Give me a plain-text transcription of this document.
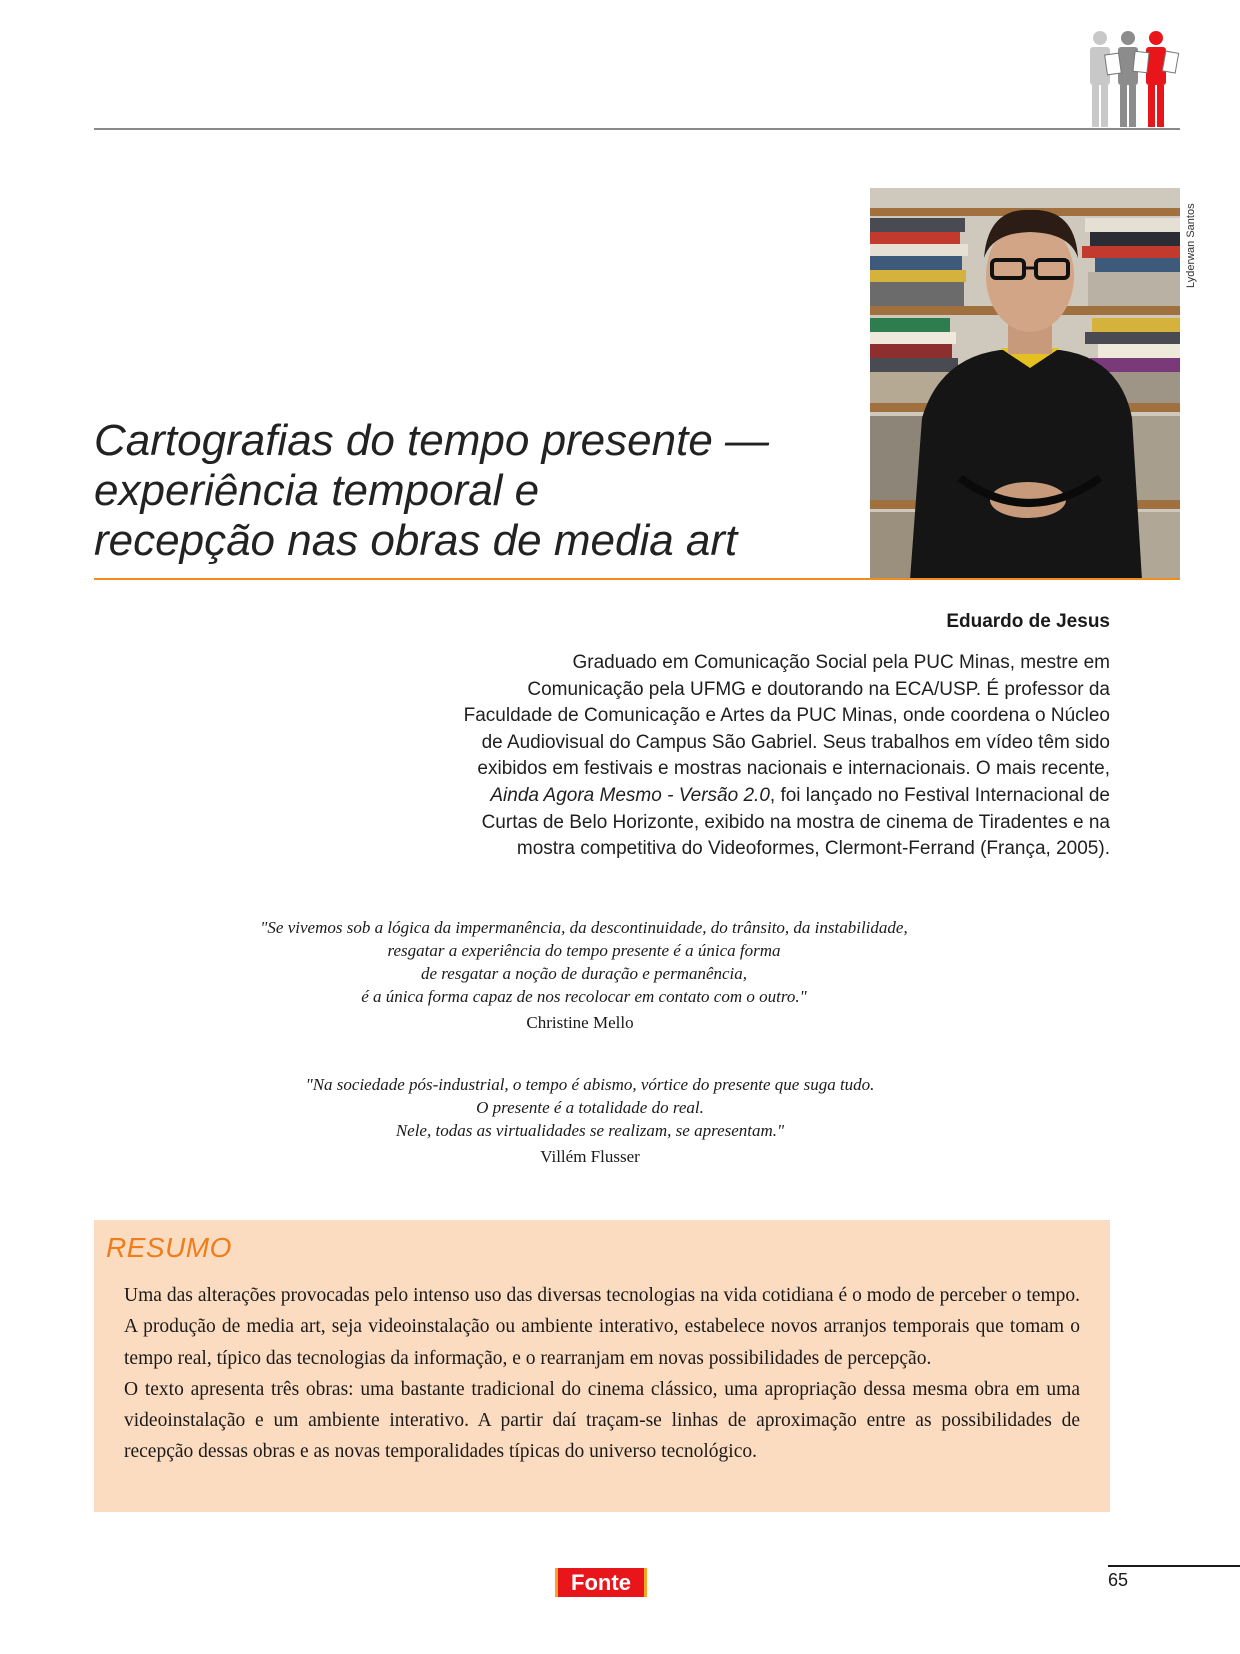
Lyderwan Santos
Cartografias do tempo presente —
experiência temporal e
recepção nas obras de media art
Eduardo de Jesus
Graduado em Comunicação Social pela PUC Minas, mestre em
Comunicação pela UFMG e doutorando na ECA/USP. É professor da
Faculdade de Comunicação e Artes da PUC Minas, onde coordena o Núcleo
de Audiovisual do Campus São Gabriel. Seus trabalhos em vídeo têm sido
exibidos em festivais e mostras nacionais e internacionais. O mais recente,
Ainda Agora Mesmo - Versão 2.0, foi lançado no Festival Internacional de
Curtas de Belo Horizonte, exibido na mostra de cinema de Tiradentes e na
mostra competitiva do Videoformes, Clermont-Ferrand (França, 2005).
"Se vivemos sob a lógica da impermanência, da descontinuidade, do trânsito, da instabilidade,
resgatar a experiência do tempo presente é a única forma
de resgatar a noção de duração e permanência,
é a única forma capaz de nos recolocar em contato com o outro."
Christine Mello
"Na sociedade pós-industrial, o tempo é abismo, vórtice do presente que suga tudo.
O presente é a totalidade do real.
Nele, todas as virtualidades se realizam, se apresentam."
Villém Flusser
RESUMO

Uma das alterações provocadas pelo intenso uso das diversas tecnologias na vida cotidiana é o modo de perceber o tempo. A produção de media art, seja videoinstalação ou ambiente interativo, estabelece novos arranjos temporais que tomam o tempo real, típico das tecnologias da informação, e o rearranjam em novas possibilidades de percepção.

O texto apresenta três obras: uma bastante tradicional do cinema clássico, uma apropriação dessa mesma obra em uma videoinstalação e um ambiente interativo. A partir daí traçam-se linhas de aproximação entre as possibilidades de recepção dessas obras e as novas temporalidades típicas do universo tecnológico.

Fonte	65
